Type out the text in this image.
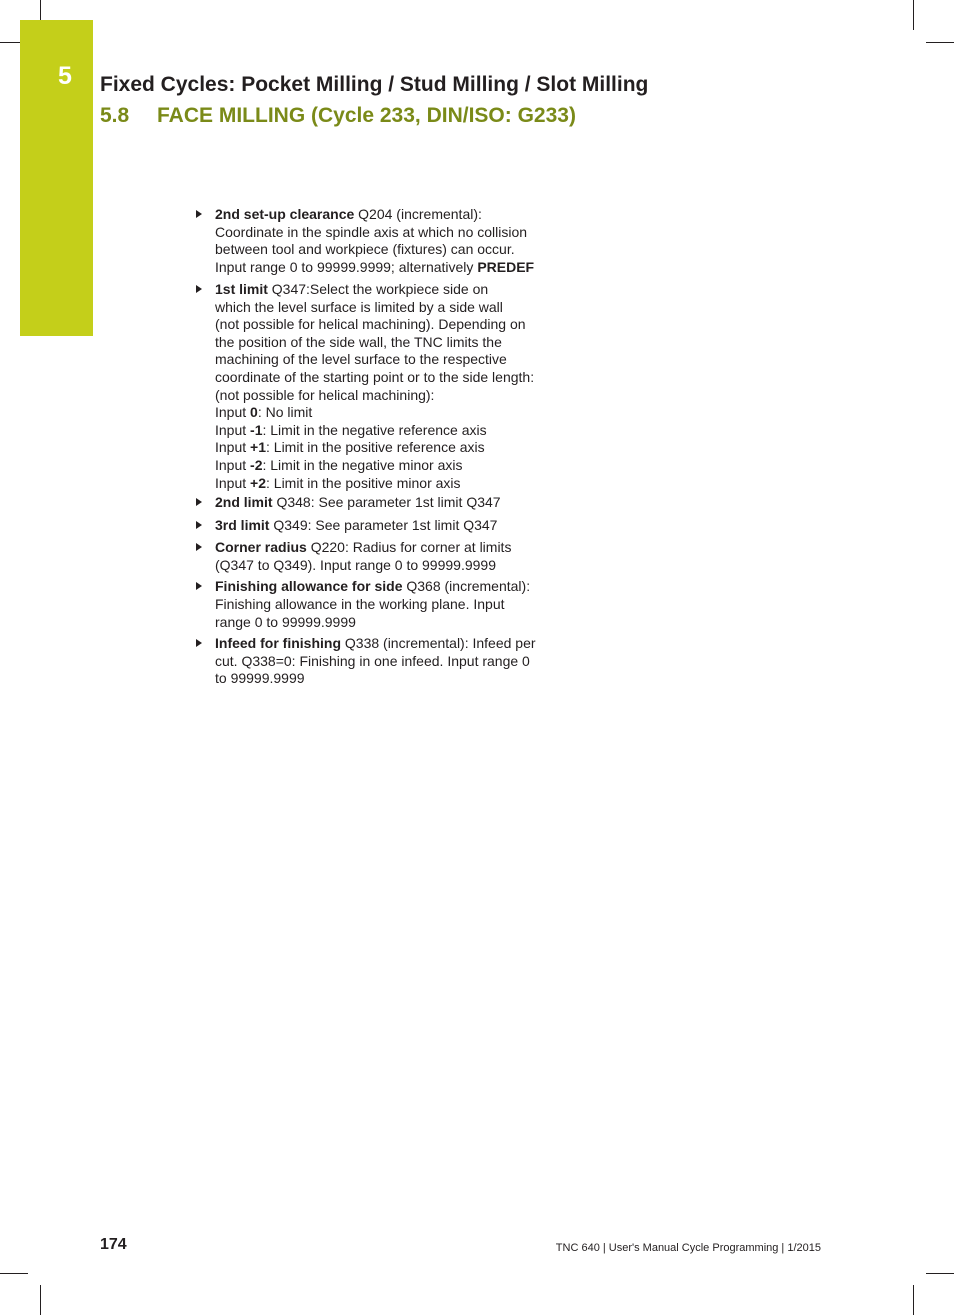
5 Fixed Cycles: Pocket Milling / Stud Milling / Slot Milling
5.8 FACE MILLING (Cycle 233, DIN/ISO: G233)
2nd set-up clearance Q204 (incremental):
Coordinate in the spindle axis at which no collision
between tool and workpiece (fixtures) can occur.
Input range 0 to 99999.9999; alternatively PREDEF
1st limit Q347:Select the workpiece side on
which the level surface is limited by a side wall
(not possible for helical machining). Depending on
the position of the side wall, the TNC limits the
machining of the level surface to the respective
coordinate of the starting point or to the side length:
(not possible for helical machining):
Input 0: No limit
Input -1: Limit in the negative reference axis
Input +1: Limit in the positive reference axis
Input -2: Limit in the negative minor axis
Input +2: Limit in the positive minor axis
2nd limit Q348: See parameter 1st limit Q347
3rd limit Q349: See parameter 1st limit Q347
Corner radius Q220: Radius for corner at limits
(Q347 to Q349). Input range 0 to 99999.9999
Finishing allowance for side Q368 (incremental):
Finishing allowance in the working plane. Input
range 0 to 99999.9999
Infeed for finishing Q338 (incremental): Infeed per
cut. Q338=0: Finishing in one infeed. Input range 0
to 99999.9999
174	TNC 640 | User's Manual Cycle Programming | 1/2015
